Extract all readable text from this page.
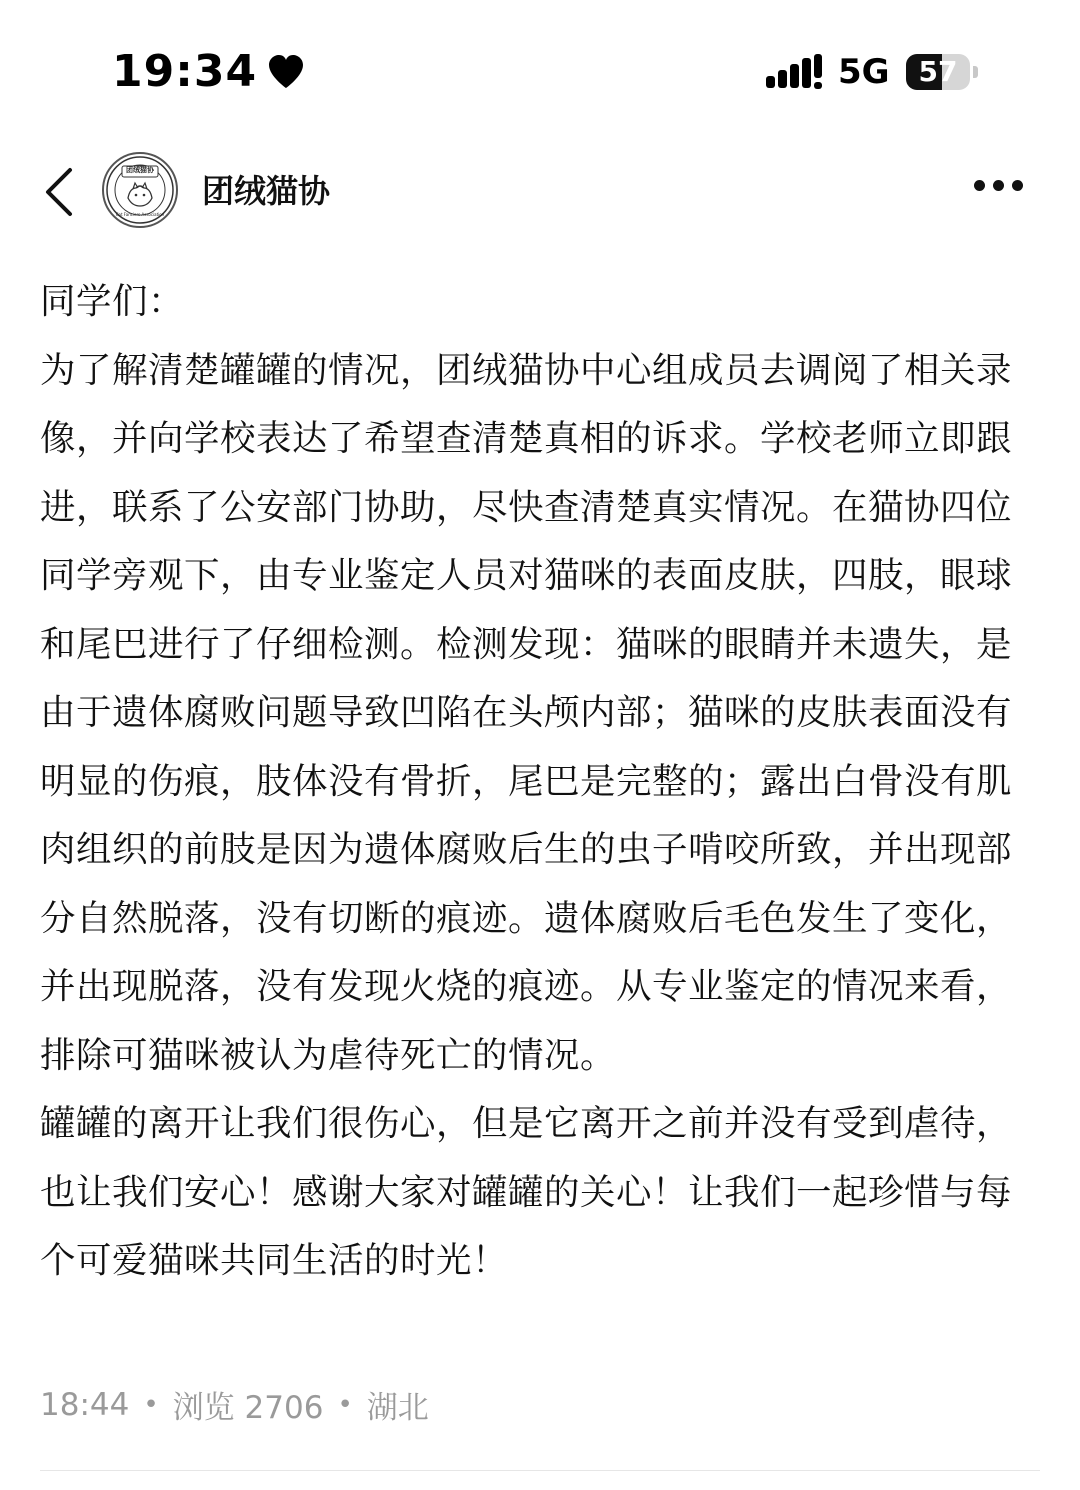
19:34	5G	57
团绒猫协
Cat Fanciers Association
团绒猫协

同学们：

为了解清楚罐罐的情况，团绒猫协中心组成员去调阅了相关录像，并向学校表达了希望查清楚真相的诉求。学校老师立即跟进，联系了公安部门协助，尽快查清楚真实情况。在猫协四位同学旁观下，由专业鉴定人员对猫咪的表面皮肤，四肢，眼球和尾巴进行了仔细检测。检测发现：猫咪的眼睛并未遗失，是由于遗体腐败问题导致凹陷在头颅内部；猫咪的皮肤表面没有明显的伤痕，肢体没有骨折，尾巴是完整的；露出白骨没有肌肉组织的前肢是因为遗体腐败后生的虫子啃咬所致，并出现部分自然脱落，没有切断的痕迹。遗体腐败后毛色发生了变化，并出现脱落，没有发现火烧的痕迹。从专业鉴定的情况来看，排除可猫咪被认为虐待死亡的情况。

罐罐的离开让我们很伤心，但是它离开之前并没有受到虐待，也让我们安心！感谢大家对罐罐的关心！让我们一起珍惜与每个可爱猫咪共同生活的时光！

18:44 • 浏览 2706 • 湖北
